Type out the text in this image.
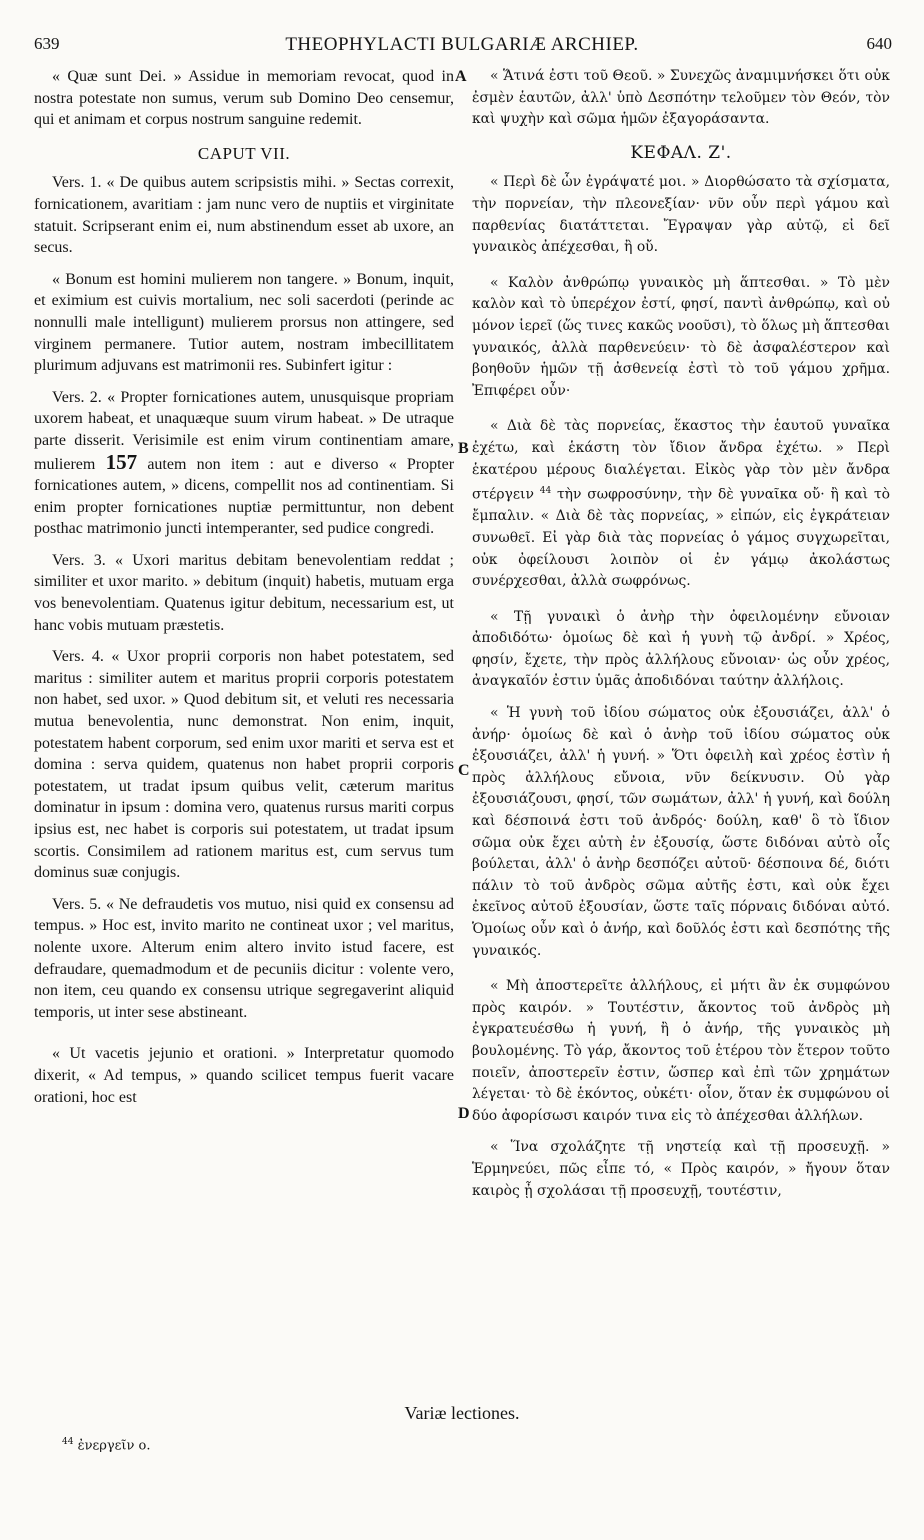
639	THEOPHYLACTI BULGARIÆ ARCHIEP.	640

« Quæ sunt Dei. » Assidue in memoriam revocat, quod in nostra potestate non sumus, verum sub Domino Deo censemur, qui et animam et corpus nostrum sanguine redemit.

CAPUT VII.

Vers. 1. « De quibus autem scripsistis mihi. » Sectas correxit, fornicationem, avaritiam : jam nunc vero de nuptiis et virginitate statuit. Scripserant enim ei, num abstinendum esset ab uxore, an secus.

« Bonum est homini mulierem non tangere. » Bonum, inquit, et eximium est cuivis mortalium, nec soli sacerdoti (perinde ac nonnulli male intelligunt) mulierem prorsus non attingere, sed virginem permanere. Tutior autem, nostram imbecillitatem plurimum adjuvans est matrimonii res. Subinfert igitur :

Vers. 2. « Propter fornicationes autem, unusquisque propriam uxorem habeat, et unaquæque suum virum habeat. » De utraque parte disserit. Verisimile est enim virum continentiam amare, mulierem 157 autem non item : aut e diverso « Propter fornicationes autem, » dicens, compellit nos ad continentiam. Si enim propter fornicationes nuptiæ permittuntur, non debent posthac matrimonio juncti intemperanter, sed pudice congredi.

Vers. 3. « Uxori maritus debitam benevolentiam reddat ; similiter et uxor marito. » debitum (inquit) habetis, mutuam erga vos benevolentiam. Quatenus igitur debitum, necessarium est, ut hanc vobis mutuam præstetis.

Vers. 4. « Uxor proprii corporis non habet potestatem, sed maritus : similiter autem et maritus proprii corporis potestatem non habet, sed uxor. » Quod debitum sit, et veluti res necessaria mutua benevolentia, nunc demonstrat. Non enim, inquit, potestatem habent corporum, sed enim uxor mariti et serva est et domina : serva quidem, quatenus non habet proprii corporis potestatem, ut tradat ipsum quibus velit, cæterum maritus dominatur in ipsum : domina vero, quatenus rursus mariti corpus ipsius est, nec habet is corporis sui potestatem, ut tradat ipsum scortis. Consimilem ad rationem maritus est, cum servus tum dominus suæ conjugis.

Vers. 5. « Ne defraudetis vos mutuo, nisi quid ex consensu ad tempus. » Hoc est, invito marito ne contineat uxor ; vel maritus, nolente uxore. Alterum enim altero invito istud facere, est defraudare, quemadmodum et de pecuniis dicitur : volente vero, non item, ceu quando ex consensu utrique segregaverint aliquid temporis, ut inter sese abstineant.

« Ut vacetis jejunio et orationi. » Interpretatur quomodo dixerit, « Ad tempus, » quando scilicet tempus fuerit vacare orationi, hoc est

« Ἅτινά ἐστι τοῦ Θεοῦ. » Συνεχῶς ἀναμιμνήσκει ὅτι οὐκ ἐσμὲν ἑαυτῶν, ἀλλ' ὑπὸ Δεσπότην τελοῦμεν τὸν Θεόν, τὸν καὶ ψυχὴν καὶ σῶμα ἡμῶν ἐξαγοράσαντα.

ΚΕΦΑΛ. Ζ'.

« Περὶ δὲ ὧν ἐγράψατέ μοι. » Διορθώσατο τὰ σχίσματα, τὴν πορνείαν, τὴν πλεονεξίαν· νῦν οὖν περὶ γάμου καὶ παρθενίας διατάττεται. Ἔγραψαν γὰρ αὐτῷ, εἰ δεῖ γυναικὸς ἀπέχεσθαι, ἢ οὔ.

« Καλὸν ἀνθρώπῳ γυναικὸς μὴ ἅπτεσθαι. » Τὸ μὲν καλὸν καὶ τὸ ὑπερέχον ἐστί, φησί, παντὶ ἀνθρώπῳ, καὶ οὐ μόνον ἱερεῖ (ὥς τινες κακῶς νοοῦσι), τὸ ὅλως μὴ ἅπτεσθαι γυναικός, ἀλλὰ παρθενεύειν· τὸ δὲ ἀσφαλέστερον καὶ βοηθοῦν ἡμῶν τῇ ἀσθενείᾳ ἐστὶ τὸ τοῦ γάμου χρῆμα. Ἐπιφέρει οὖν·

« Διὰ δὲ τὰς πορνείας, ἕκαστος τὴν ἑαυτοῦ γυναῖκα ἐχέτω, καὶ ἑκάστη τὸν ἴδιον ἄνδρα ἐχέτω. » Περὶ ἑκατέρου μέρους διαλέγεται. Εἰκὸς γὰρ τὸν μὲν ἄνδρα στέργειν $^{44}$ τὴν σωφροσύνην, τὴν δὲ γυναῖκα οὔ· ἢ καὶ τὸ ἔμπαλιν. « Διὰ δὲ τὰς πορνείας, » εἰπών, εἰς ἐγκράτειαν συνωθεῖ. Εἰ γὰρ διὰ τὰς πορνείας ὁ γάμος συγχωρεῖται, οὐκ ὀφείλουσι λοιπὸν οἱ ἐν γάμῳ ἀκολάστως συνέρχεσθαι, ἀλλὰ σωφρόνως.

« Τῇ γυναικὶ ὁ ἀνὴρ τὴν ὀφειλομένην εὔνοιαν ἀποδιδότω· ὁμοίως δὲ καὶ ἡ γυνὴ τῷ ἀνδρί. » Χρέος, φησίν, ἔχετε, τὴν πρὸς ἀλλήλους εὔνοιαν· ὡς οὖν χρέος, ἀναγκαῖόν ἐστιν ὑμᾶς ἀποδιδόναι ταύτην ἀλλήλοις.

« Ἡ γυνὴ τοῦ ἰδίου σώματος οὐκ ἐξουσιάζει, ἀλλ' ὁ ἀνήρ· ὁμοίως δὲ καὶ ὁ ἀνὴρ τοῦ ἰδίου σώματος οὐκ ἐξουσιάζει, ἀλλ' ἡ γυνή. » Ὅτι ὀφειλὴ καὶ χρέος ἐστὶν ἡ πρὸς ἀλλήλους εὔνοια, νῦν δείκνυσιν. Οὐ γὰρ ἐξουσιάζουσι, φησί, τῶν σωμάτων, ἀλλ' ἡ γυνή, καὶ δούλη καὶ δέσποινά ἐστι τοῦ ἀνδρός· δούλη, καθ' ὃ τὸ ἴδιον σῶμα οὐκ ἔχει αὐτὴ ἐν ἐξουσίᾳ, ὥστε διδόναι αὐτὸ οἷς βούλεται, ἀλλ' ὁ ἀνὴρ δεσπόζει αὐτοῦ· δέσποινα δέ, διότι πάλιν τὸ τοῦ ἀνδρὸς σῶμα αὐτῆς ἐστι, καὶ οὐκ ἔχει ἐκεῖνος αὐτοῦ ἐξουσίαν, ὥστε ταῖς πόρναις διδόναι αὐτό. Ὁμοίως οὖν καὶ ὁ ἀνήρ, καὶ δοῦλός ἐστι καὶ δεσπότης τῆς γυναικός.

« Μὴ ἀποστερεῖτε ἀλλήλους, εἰ μήτι ἂν ἐκ συμφώνου πρὸς καιρόν. » Τουτέστιν, ἄκοντος τοῦ ἀνδρὸς μὴ ἐγκρατευέσθω ἡ γυνή, ἢ ὁ ἀνήρ, τῆς γυναικὸς μὴ βουλομένης. Τὸ γάρ, ἄκοντος τοῦ ἑτέρου τὸν ἕτερον τοῦτο ποιεῖν, ἀποστερεῖν ἐστιν, ὥσπερ καὶ ἐπὶ τῶν χρημάτων λέγεται· τὸ δὲ ἑκόντος, οὐκέτι· οἷον, ὅταν ἐκ συμφώνου οἱ δύο ἀφορίσωσι καιρόν τινα εἰς τὸ ἀπέχεσθαι ἀλλήλων.

« Ἵνα σχολάζητε τῇ νηστείᾳ καὶ τῇ προσευχῇ. » Ἑρμηνεύει, πῶς εἶπε τό, « Πρὸς καιρόν, » ἤγουν ὅταν καιρὸς ᾖ σχολάσαι τῇ προσευχῇ, τουτέστιν,

A
B
C
D
Variæ lectiones.
$^{44}$ ἐνεργεῖν ο.
